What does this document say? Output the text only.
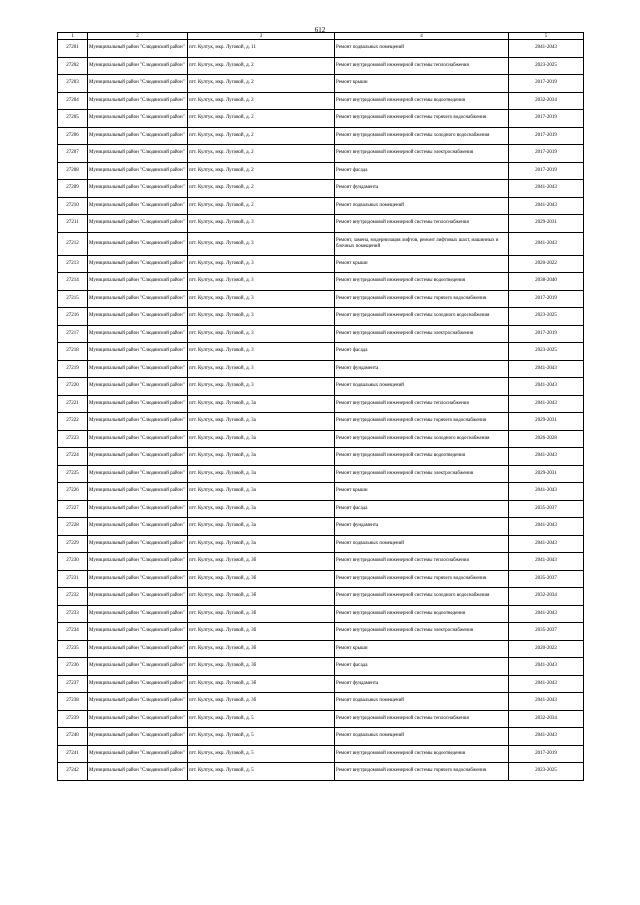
612
1	2	3	4	5
27201	Муниципальный район "Слюдянский район"	пгт. Култук, мкр. Луговой, д. 11	Ремонт подвальных помещений	2041-2043
27202	Муниципальный район "Слюдянский район"	пгт. Култук, мкр. Луговой, д. 2	Ремонт внутридомовой инженерной системы теплоснабжения	2023-2025
27203	Муниципальный район "Слюдянский район"	пгт. Култук, мкр. Луговой, д. 2	Ремонт крыши	2017-2019
27204	Муниципальный район "Слюдянский район"	пгт. Култук, мкр. Луговой, д. 2	Ремонт внутридомовой инженерной системы водоотведения	2032-2034
27205	Муниципальный район "Слюдянский район"	пгт. Култук, мкр. Луговой, д. 2	Ремонт внутридомовой инженерной системы горячего водоснабжения	2017-2019
27206	Муниципальный район "Слюдянский район"	пгт. Култук, мкр. Луговой, д. 2	Ремонт внутридомовой инженерной системы холодного водоснабжения	2017-2019
27207	Муниципальный район "Слюдянский район"	пгт. Култук, мкр. Луговой, д. 2	Ремонт внутридомовой инженерной системы электроснабжения	2017-2019
27208	Муниципальный район "Слюдянский район"	пгт. Култук, мкр. Луговой, д. 2	Ремонт фасада	2017-2019
27209	Муниципальный район "Слюдянский район"	пгт. Култук, мкр. Луговой, д. 2	Ремонт фундамента	2041-2043
27210	Муниципальный район "Слюдянский район"	пгт. Култук, мкр. Луговой, д. 2	Ремонт подвальных помещений	2041-2043
27211	Муниципальный район "Слюдянский район"	пгт. Култук, мкр. Луговой, д. 3	Ремонт внутридомовой инженерной системы теплоснабжения	2029-2031
27212	Муниципальный район "Слюдянский район"	пгт. Култук, мкр. Луговой, д. 3	Ремонт, замена, модернизация лифтов, ремонт лифтовых шахт, машинных и блочных помещений	2041-2043
27213	Муниципальный район "Слюдянский район"	пгт. Култук, мкр. Луговой, д. 3	Ремонт крыши	2020-2022
27214	Муниципальный район "Слюдянский район"	пгт. Култук, мкр. Луговой, д. 3	Ремонт внутридомовой инженерной системы водоотведения	2038-2040
27215	Муниципальный район "Слюдянский район"	пгт. Култук, мкр. Луговой, д. 3	Ремонт внутридомовой инженерной системы горячего водоснабжения	2017-2019
27216	Муниципальный район "Слюдянский район"	пгт. Култук, мкр. Луговой, д. 3	Ремонт внутридомовой инженерной системы холодного водоснабжения	2023-2025
27217	Муниципальный район "Слюдянский район"	пгт. Култук, мкр. Луговой, д. 3	Ремонт внутридомовой инженерной системы электроснабжения	2017-2019
27218	Муниципальный район "Слюдянский район"	пгт. Култук, мкр. Луговой, д. 3	Ремонт фасада	2023-2025
27219	Муниципальный район "Слюдянский район"	пгт. Култук, мкр. Луговой, д. 3	Ремонт фундамента	2041-2043
27220	Муниципальный район "Слюдянский район"	пгт. Култук, мкр. Луговой, д. 3	Ремонт подвальных помещений	2041-2043
27221	Муниципальный район "Слюдянский район"	пгт. Култук, мкр. Луговой, д. 3а	Ремонт внутридомовой инженерной системы теплоснабжения	2041-2043
27222	Муниципальный район "Слюдянский район"	пгт. Култук, мкр. Луговой, д. 3а	Ремонт внутридомовой инженерной системы горячего водоснабжения	2029-2031
27223	Муниципальный район "Слюдянский район"	пгт. Култук, мкр. Луговой, д. 3а	Ремонт внутридомовой инженерной системы холодного водоснабжения	2026-2028
27224	Муниципальный район "Слюдянский район"	пгт. Култук, мкр. Луговой, д. 3а	Ремонт внутридомовой инженерной системы водоотведения	2041-2043
27225	Муниципальный район "Слюдянский район"	пгт. Култук, мкр. Луговой, д. 3а	Ремонт внутридомовой инженерной системы электроснабжения	2029-2031
27226	Муниципальный район "Слюдянский район"	пгт. Култук, мкр. Луговой, д. 3а	Ремонт крыши	2041-2043
27227	Муниципальный район "Слюдянский район"	пгт. Култук, мкр. Луговой, д. 3а	Ремонт фасада	2035-2037
27228	Муниципальный район "Слюдянский район"	пгт. Култук, мкр. Луговой, д. 3а	Ремонт фундамента	2041-2043
27229	Муниципальный район "Слюдянский район"	пгт. Култук, мкр. Луговой, д. 3а	Ремонт подвальных помещений	2041-2043
27230	Муниципальный район "Слюдянский район"	пгт. Култук, мкр. Луговой, д. 3б	Ремонт внутридомовой инженерной системы теплоснабжения	2041-2043
27231	Муниципальный район "Слюдянский район"	пгт. Култук, мкр. Луговой, д. 3б	Ремонт внутридомовой инженерной системы горячего водоснабжения	2035-2037
27232	Муниципальный район "Слюдянский район"	пгт. Култук, мкр. Луговой, д. 3б	Ремонт внутридомовой инженерной системы холодного водоснабжения	2032-2034
27233	Муниципальный район "Слюдянский район"	пгт. Култук, мкр. Луговой, д. 3б	Ремонт внутридомовой инженерной системы водоотведения	2041-2043
27234	Муниципальный район "Слюдянский район"	пгт. Култук, мкр. Луговой, д. 3б	Ремонт внутридомовой инженерной системы электроснабжения	2035-2037
27235	Муниципальный район "Слюдянский район"	пгт. Култук, мкр. Луговой, д. 3б	Ремонт крыши	2020-2022
27236	Муниципальный район "Слюдянский район"	пгт. Култук, мкр. Луговой, д. 3б	Ремонт фасада	2041-2043
27237	Муниципальный район "Слюдянский район"	пгт. Култук, мкр. Луговой, д. 3б	Ремонт фундамента	2041-2043
27238	Муниципальный район "Слюдянский район"	пгт. Култук, мкр. Луговой, д. 3б	Ремонт подвальных помещений	2041-2043
27239	Муниципальный район "Слюдянский район"	пгт. Култук, мкр. Луговой, д. 5	Ремонт внутридомовой инженерной системы теплоснабжения	2032-2034
27240	Муниципальный район "Слюдянский район"	пгт. Култук, мкр. Луговой, д. 5	Ремонт подвальных помещений	2041-2043
27241	Муниципальный район "Слюдянский район"	пгт. Култук, мкр. Луговой, д. 5	Ремонт внутридомовой инженерной системы водоотведения	2017-2019
27242	Муниципальный район "Слюдянский район"	пгт. Култук, мкр. Луговой, д. 5	Ремонт внутридомовой инженерной системы горячего водоснабжения	2023-2025
